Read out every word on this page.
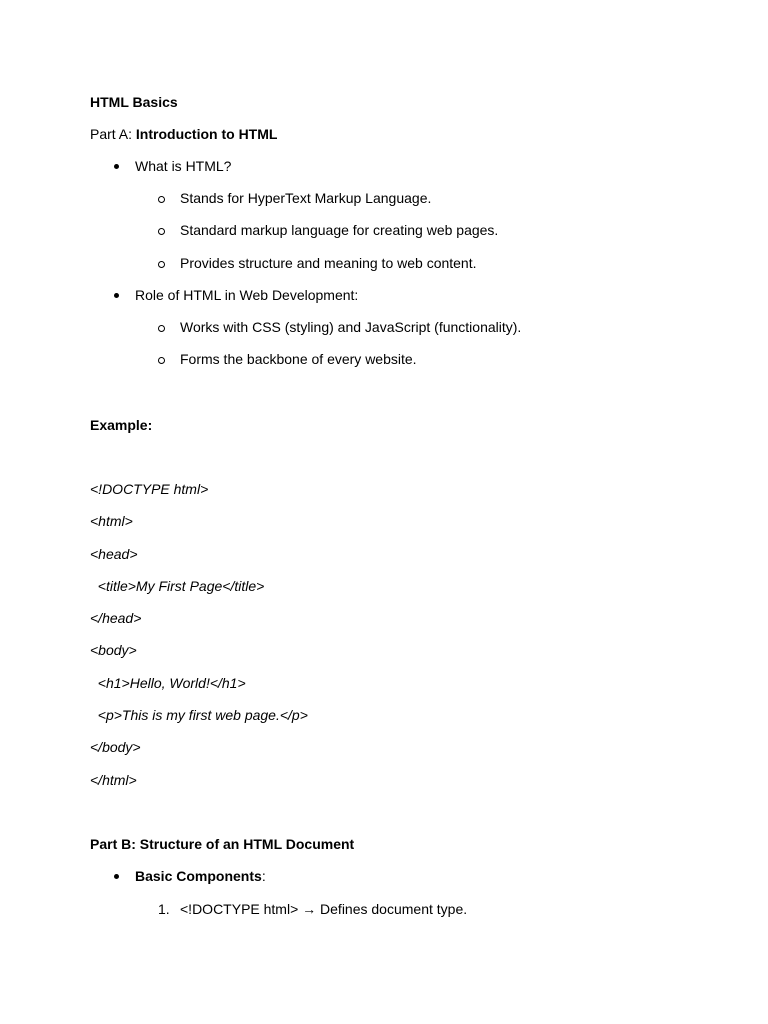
HTML Basics
Part A: Introduction to HTML
What is HTML?
Stands for HyperText Markup Language.
Standard markup language for creating web pages.
Provides structure and meaning to web content.
Role of HTML in Web Development:
Works with CSS (styling) and JavaScript (functionality).
Forms the backbone of every website.
Example:
<!DOCTYPE html>
<html>
<head>
<title>My First Page</title>
</head>
<body>
<h1>Hello, World!</h1>
<p>This is my first web page.</p>
</body>
</html>
Part B: Structure of an HTML Document
Basic Components:
1. <!DOCTYPE html> → Defines document type.
